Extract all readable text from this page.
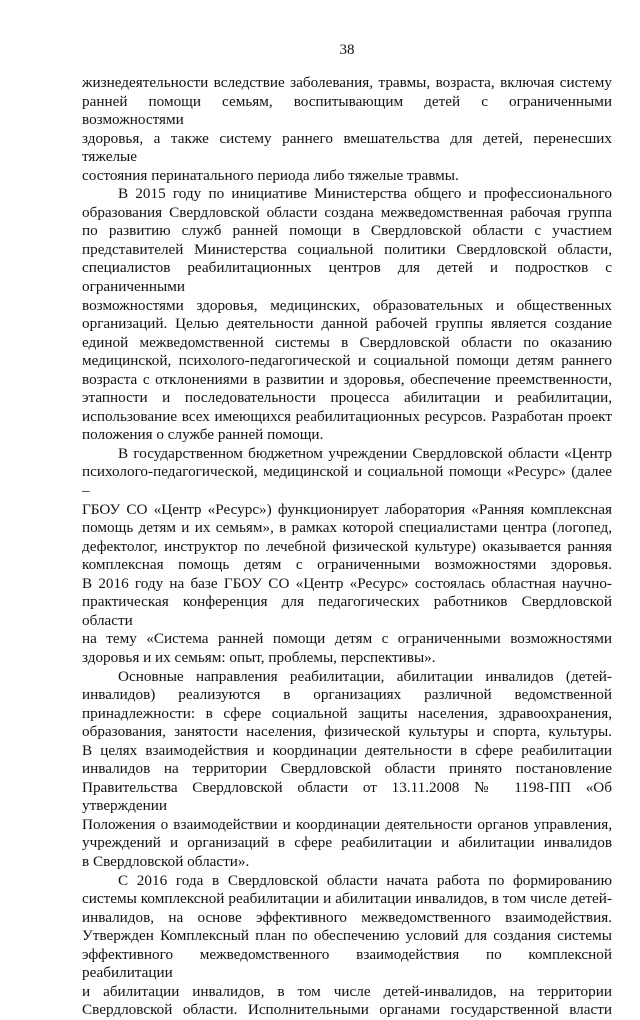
38

жизнедеятельности вследствие заболевания, травмы, возраста, включая систему
ранней помощи семьям, воспитывающим детей с ограниченными возможностями
здоровья, а также систему раннего вмешательства для детей, перенесших тяжелые
состояния перинатального периода либо тяжелые травмы.

В 2015 году по инициативе Министерства общего и профессионального
образования Свердловской области создана межведомственная рабочая группа
по развитию служб ранней помощи в Свердловской области с участием
представителей Министерства социальной политики Свердловской области,
специалистов реабилитационных центров для детей и подростков с ограниченными
возможностями здоровья, медицинских, образовательных и общественных
организаций. Целью деятельности данной рабочей группы является создание
единой межведомственной системы в Свердловской области по оказанию
медицинской, психолого-педагогической и социальной помощи детям раннего
возраста с отклонениями в развитии и здоровья, обеспечение преемственности,
этапности и последовательности процесса абилитации и реабилитации,
использование всех имеющихся реабилитационных ресурсов. Разработан проект
положения о службе ранней помощи.

В государственном бюджетном учреждении Свердловской области «Центр
психолого-педагогической, медицинской и социальной помощи «Ресурс» (далее –
ГБОУ СО «Центр «Ресурс») функционирует лаборатория «Ранняя комплексная
помощь детям и их семьям», в рамках которой специалистами центра (логопед,
дефектолог, инструктор по лечебной физической культуре) оказывается ранняя
комплексная помощь детям с ограниченными возможностями здоровья.
В 2016 году на базе ГБОУ СО «Центр «Ресурс» состоялась областная научно-
практическая конференция для педагогических работников Свердловской области
на тему «Система ранней помощи детям с ограниченными возможностями
здоровья и их семьям: опыт, проблемы, перспективы».

Основные направления реабилитации, абилитации инвалидов (детей-
инвалидов) реализуются в организациях различной ведомственной
принадлежности: в сфере социальной защиты населения, здравоохранения,
образования, занятости населения, физической культуры и спорта, культуры.
В целях взаимодействия и координации деятельности в сфере реабилитации
инвалидов на территории Свердловской области принято постановление
Правительства Свердловской области от 13.11.2008 № 1198-ПП «Об утверждении
Положения о взаимодействии и координации деятельности органов управления,
учреждений и организаций в сфере реабилитации и абилитации инвалидов
в Свердловской области».

С 2016 года в Свердловской области начата работа по формированию
системы комплексной реабилитации и абилитации инвалидов, в том числе детей-
инвалидов, на основе эффективного межведомственного взаимодействия.
Утвержден Комплексный план по обеспечению условий для создания системы
эффективного межведомственного взаимодействия по комплексной реабилитации
и абилитации инвалидов, в том числе детей-инвалидов, на территории
Свердловской области. Исполнительными органами государственной власти
